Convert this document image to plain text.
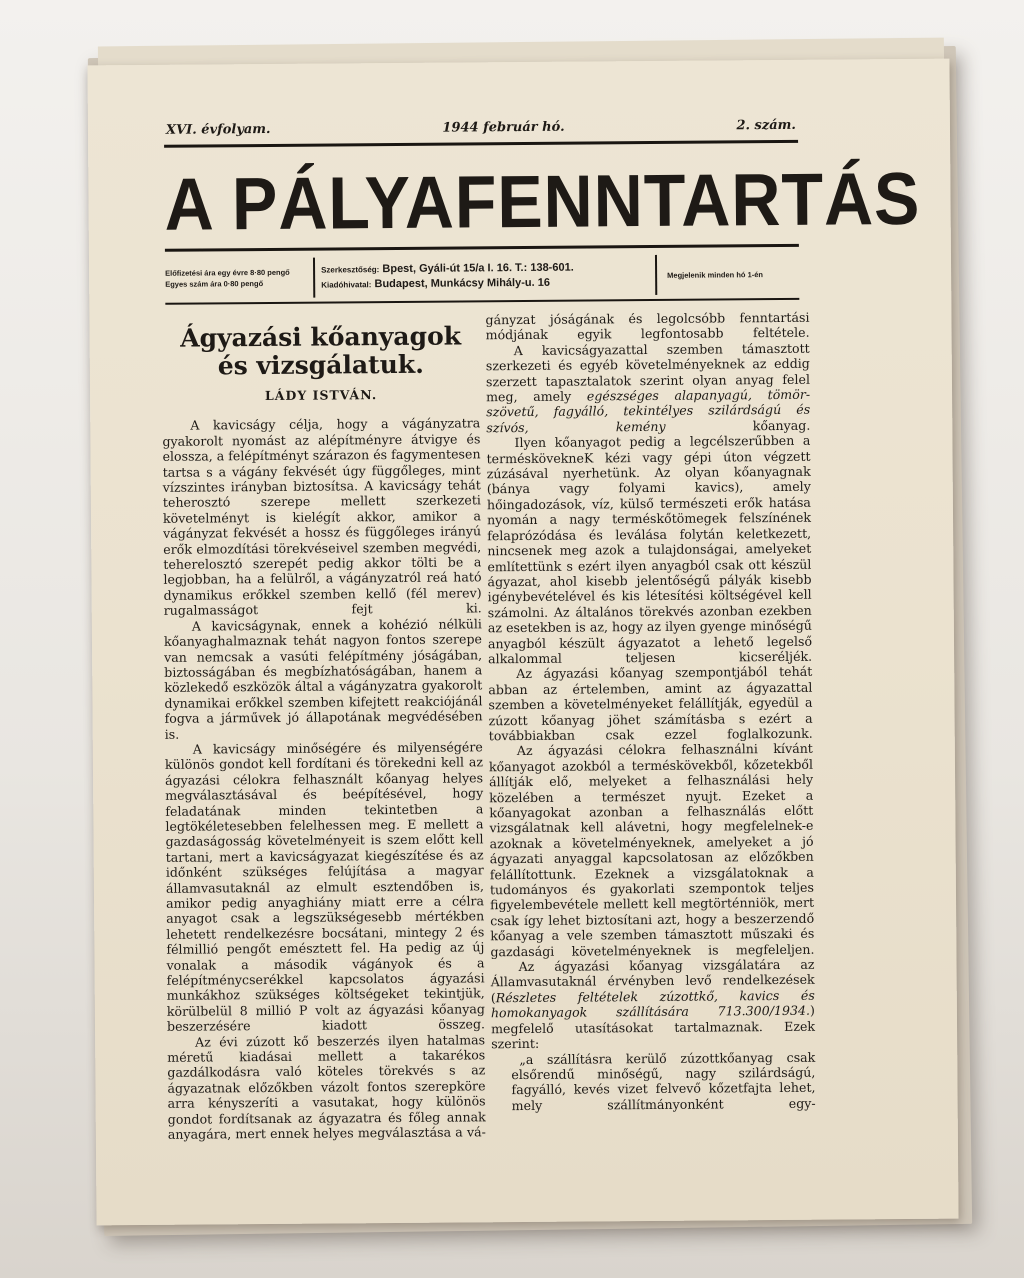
XVI. évfolyam.	1944 február hó.	2. szám.
A PÁLYAFENNTARTÁS
Előfizetési ára egy évre 8·80 pengő
Egyes szám ára 0·80 pengő
Szerkesztőség: Bpest, Gyáli-út 15/a I. 16. T.: 138-601.
Kiadóhivatal: Budapest, Munkácsy Mihály-u. 16
Megjelenik minden hó 1-én
Ágyazási kőanyagok
és vizsgálatuk.
LÁDY ISTVÁN.

A kavicságy célja, hogy a vágányzatra gyakorolt nyomást az alépítményre átvigye és elossza, a felépítményt szárazon és fagymentesen tartsa s a vágány fekvését úgy függőleges, mint vízszintes irányban biztosítsa. A kavicságy tehát teherosztó szerepe mellett szerkezeti követelményt is kielégít akkor, amikor a vágányzat fekvését a hossz és függőleges irányú erők elmozdítási törekvéseivel szemben megvédi, teherelosztó szerepét pedig akkor tölti be a legjobban, ha a felülről, a vágányzatról reá ható dynamikus erőkkel szemben kellő (fél merev) rugalmasságot fejt ki.

A kavicságynak, ennek a kohézió nélküli kőanyaghalmaznak tehát nagyon fontos szerepe van nemcsak a vasúti felépítmény jóságában, biztosságában és megbízhatóságában, hanem a közlekedő eszközök által a vágányzatra gyakorolt dynamikai erőkkel szemben kifejtett reakciójánál fogva a járművek jó állapotának megvédésében is.

A kavicságy minőségére és milyenségére különös gondot kell fordítani és törekedni kell az ágyazási célokra felhasznált kőanyag helyes megválasztásával és beépítésével, hogy feladatának minden tekintetben a legtökéletesebben felelhessen meg. E mellett a gazdaságosság követelményeit is szem előtt kell tartani, mert a kavicságyazat kiegészítése és az időnként szükséges felújítása a magyar államvasutaknál az elmult esztendőben is, amikor pedig anyaghiány miatt erre a célra anyagot csak a legszükségesebb mértékben lehetett rendelkezésre bocsátani, mintegy 2 és félmillió pengőt emésztett fel. Ha pedig az új vonalak a második vágányok és a felépítménycserékkel kapcsolatos ágyazási munkákhoz szükséges költségeket tekintjük, körülbelül 8 millió P volt az ágyazási kőanyag beszerzésére kiadott összeg.

Az évi zúzott kő beszerzés ilyen hatalmas méretű kiadásai mellett a takarékos gazdálkodásra való köteles törekvés s az ágyazatnak előzőkben vázolt fontos szerepköre arra kényszeríti a vasutakat, hogy különös gondot fordítsanak az ágyazatra és főleg annak anyagára, mert ennek helyes megválasztása a vá-

gányzat jóságának és legolcsóbb fenntartási módjának egyik legfontosabb feltétele.

A kavicságyazattal szemben támasztott szerkezeti és egyéb követelményeknek az eddig szerzett tapasztalatok szerint olyan anyag felel meg, amely egészséges alapanyagú, tömör-szövetű, fagyálló, tekintélyes szilárdságú és szívós, kemény	kőanyag.

Ilyen kőanyagot pedig a legcélszerűbben a terméskövekneK kézi vagy gépi úton végzett zúzásával nyerhetünk. Az olyan kőanyagnak (bánya vagy folyami kavics), amely hőingadozások, víz, külső természeti erők hatása nyomán a nagy terméskőtömegek felszínének felaprózódása és leválása folytán keletkezett, nincsenek meg azok a tulajdonságai, amelyeket említettünk s ezért ilyen anyagból csak ott készül ágyazat, ahol kisebb jelentőségű pályák kisebb igénybevételével és kis létesítési költségével kell számolni. Az általános törekvés azonban ezekben az esetekben is az, hogy az ilyen gyenge minőségű anyagból készült ágyazatot a lehető legelső alkalommal teljesen kicseréljék.

Az ágyazási kőanyag szempontjából tehát abban az értelemben, amint az ágyazattal szemben a követelményeket felállítják, egyedül a zúzott kőanyag jöhet számításba s ezért a továbbiakban csak ezzel foglalkozunk.

Az ágyazási célokra felhasználni kívánt kőanyagot azokból a terméskövekből, kőzetekből állítják elő, melyeket a felhasználási hely közelében a természet nyujt. Ezeket a kőanyagokat azonban a felhasználás előtt vizsgálatnak kell alávetni, hogy megfelelnek-e azoknak a követelményeknek, amelyeket a jó ágyazati anyaggal kapcsolatosan az előzőkben felállítottunk. Ezeknek a vizsgálatoknak a tudományos és gyakorlati szempontok teljes figyelembevétele mellett kell megtörténniök, mert csak így lehet biztosítani azt, hogy a beszerzendő kőanyag a vele szemben támasztott műszaki és gazdasági követelményeknek is megfeleljen.

Az ágyazási kőanyag vizsgálatára az Államvasutaknál érvényben levő rendelkezések (Részletes feltételek zúzottkő, kavics és homokanyagok szállítására 713.300/1934.) megfelelő utasításokat tartalmaznak. Ezek szerint:

„a szállításra kerülő zúzottkőanyag csak elsőrendű minőségű, nagy szilárdságú, fagyálló, kevés vizet felvevő kőzetfajta lehet, mely szállítmányonként egy-
